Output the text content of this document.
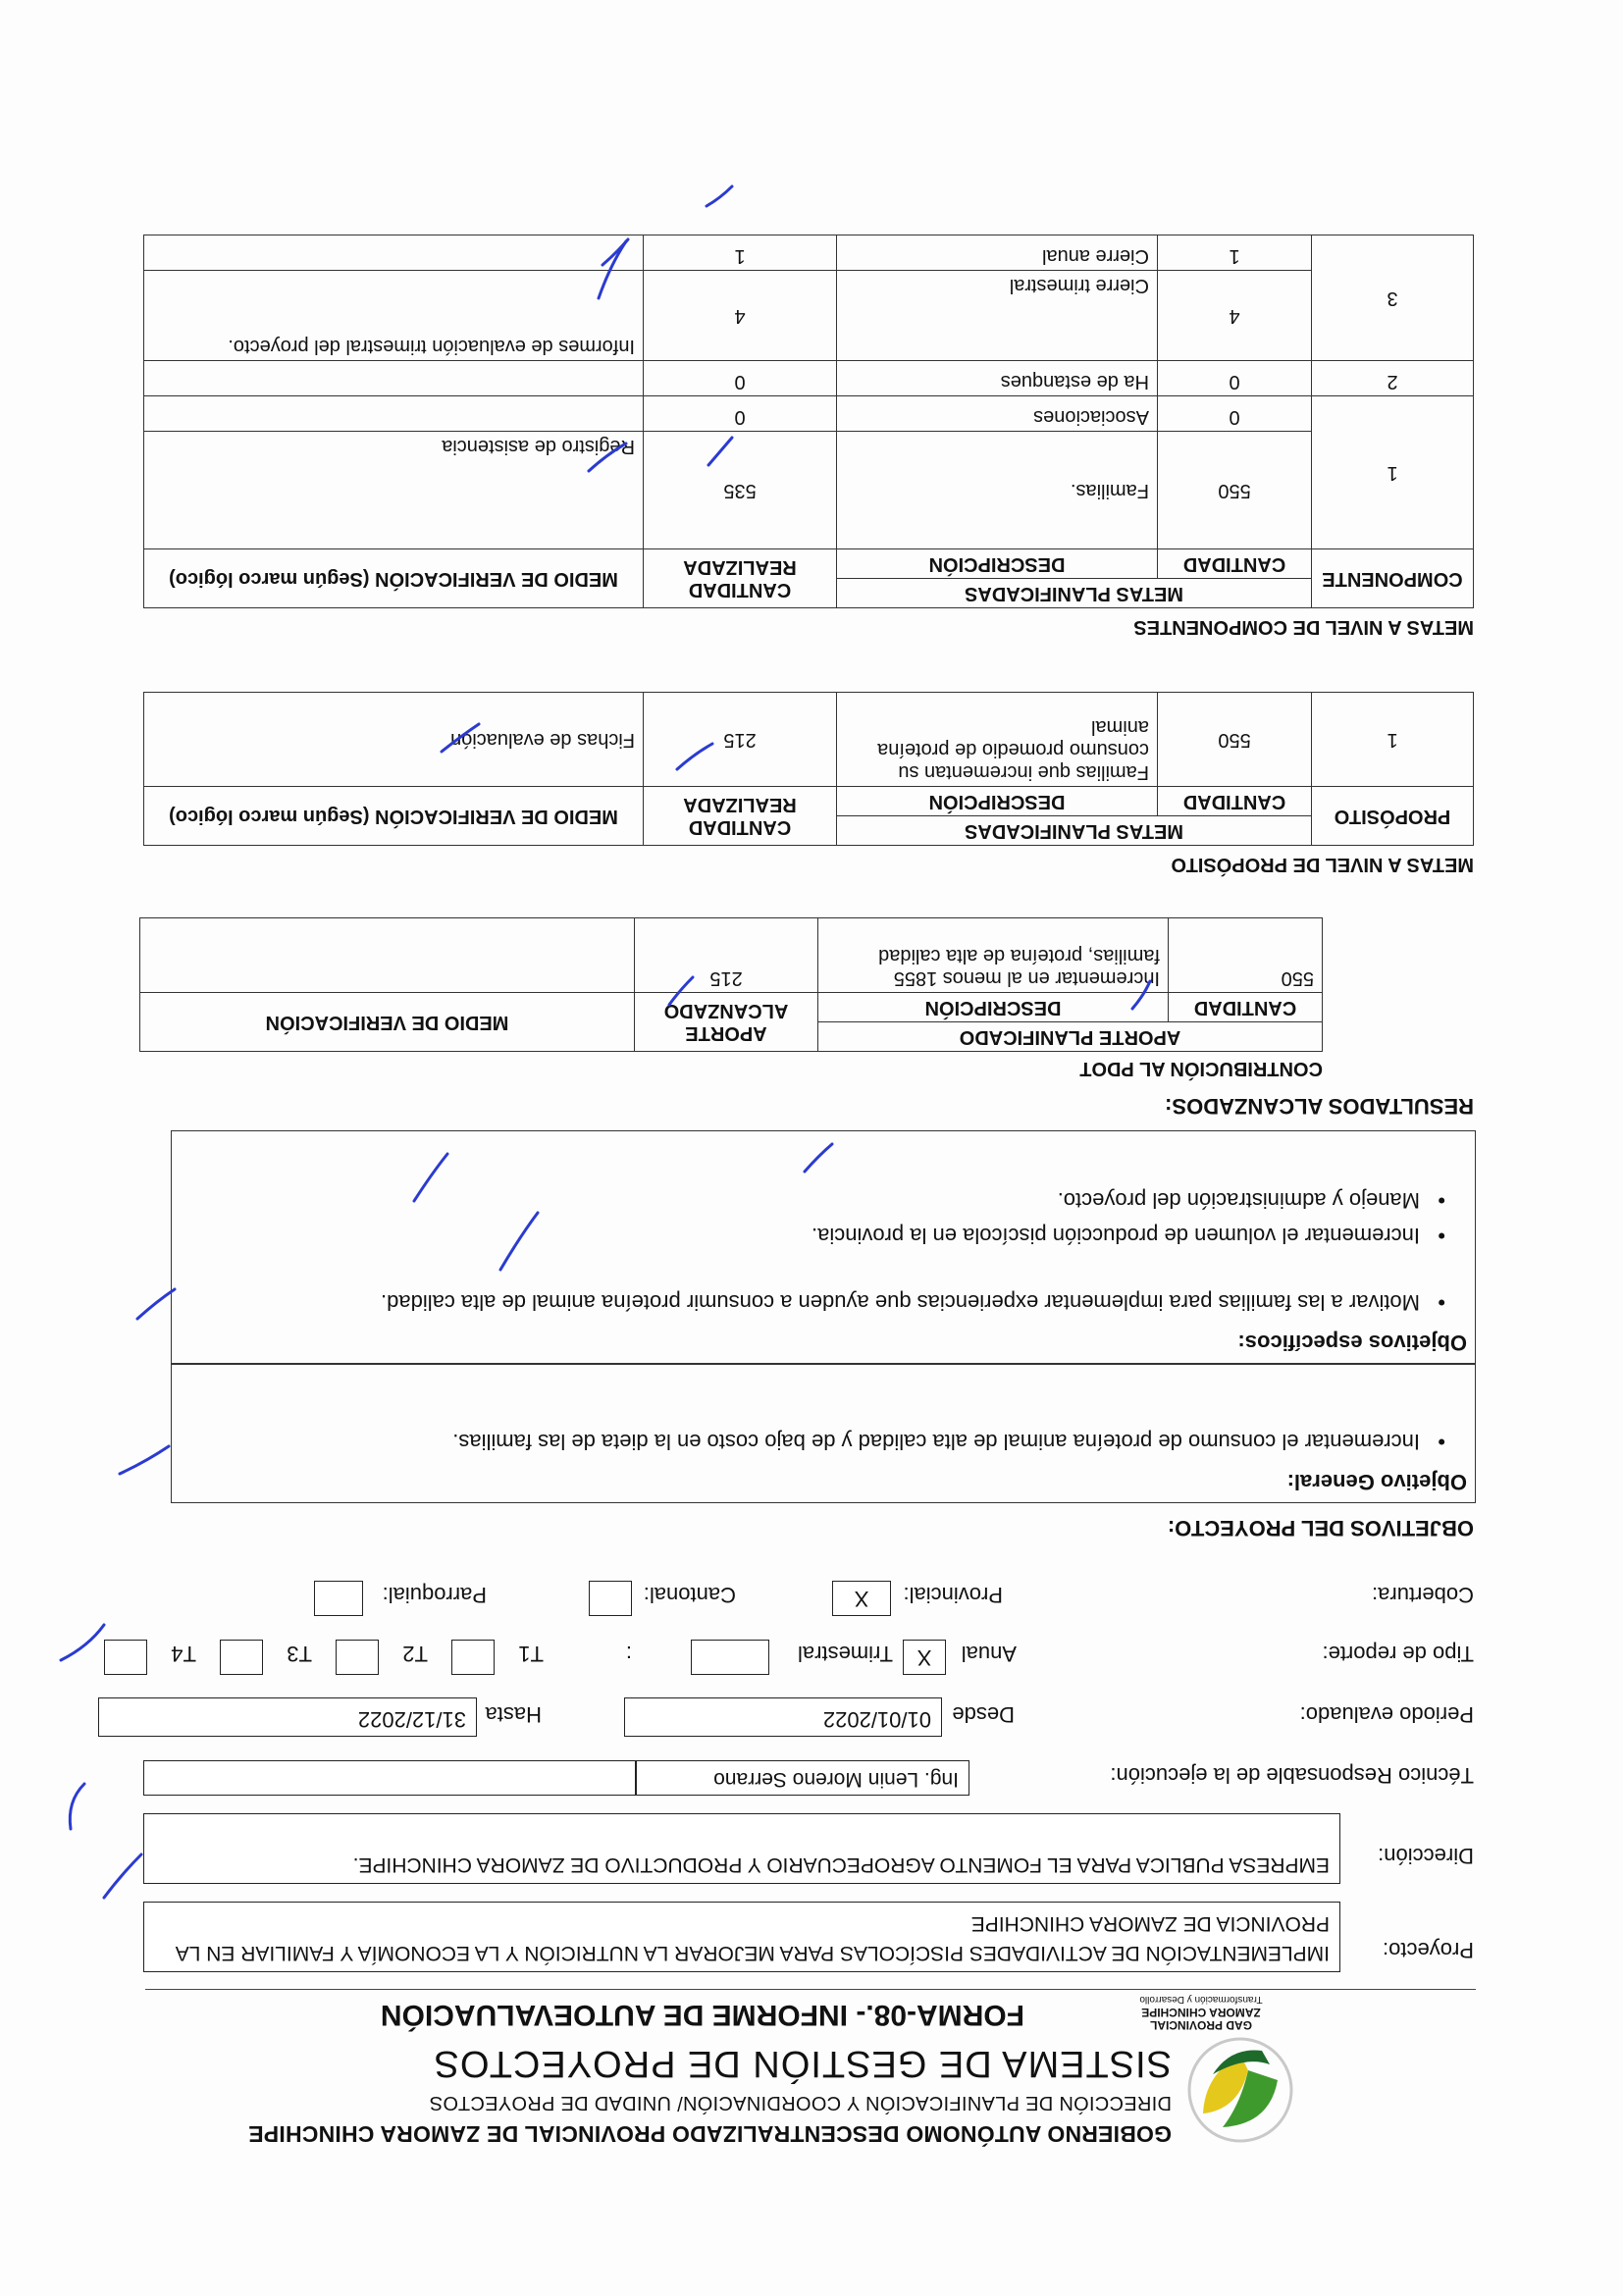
GAD PROVINCIAL
ZAMORA CHINCHIPE
Transformación y Desarrollo
GOBIERNO AUTÓNOMO DESCENTRALIZADO PROVINCIAL DE ZAMORA CHINCHIPE
DIRECCIÓN DE PLANIFICACIÓN Y COORDINACIÓN/ UNIDAD DE PROYECTOS
SISTEMA DE GESTIÓN DE PROYECTOS
FORMA-08.- INFORME DE AUTOEVALUACIÓN
Proyecto:
IMPLEMENTACIÓN DE ACTIVIDADES PISCÍCOLAS PARA MEJORAR LA NUTRICIÓN Y LA ECONOMÍA Y FAMILIAR EN LA PROVINCIA DE ZAMORA CHINCHIPE
Dirección:
EMPRESA PUBLICA PARA EL FOMENTO AGROPECUARIO Y PRODUCTIVO DE ZAMORA CHINCHIPE.
Técnico Responsable de la ejecución:
Ing. Lenin Moreno Serrano
Periodo evaluado:
Desde
01/01/2022
Hasta
31/12/2022
Tipo de reporte:
Anual
X
Trimestral
:
T1
T2
T3
T4
Cobertura:
Provincial:
X
Cantonal:
Parroquial:
OBJETIVOS DEL PROYECTO:
Objetivo General:
•
Incrementar el consumo de proteína animal de alta calidad y de bajo costo en la dieta de las familias.
Objetivos específicos:
•
Motivar a las familias para implementar experiencias que ayuden a consumir proteína animal de alta calidad.
•
Incrementar el volumen de producción piscícola en la provincia.
•
Manejo y administración del proyecto.
RESULTADOS ALCANZADOS:
CONTRIBUCIÓN AL PDOT
APORTE PLANIFICADO		APORTE ALCANZADO	MEDIO DE VERIFICACIÓN
CANTIDAD	DESCRIPCIÓN		
550	Incrementar en al menos 1855 familias, proteína de alta calidad	215	
METAS A NIVEL DE PROPÓSITO
PROPÓSITO	METAS PLANIFICADAS		CANTIDAD REALIZADA	MEDIO DE VERIFICACIÓN (Según marco lógico)
	CANTIDAD	DESCRIPCIÓN		
1	550	Familias que incrementan su consumo promedio de proteína animal	215	Fichas de evaluación
METAS A NIVEL DE COMPONENTES
COMPONENTE	METAS PLANIFICADAS		CANTIDAD REALIZADA	MEDIO DE VERIFICACIÓN (Según marco lógico)
	CANTIDAD	DESCRIPCIÓN		
1	550	Familias.	535	Registro de asistencia
	0	Asociaciones	0	
2	0	Ha de estanques	0	
3	4	Cierre trimestral	4	Informes de evaluación trimestral del proyecto.
	1	Cierre anual	1	
